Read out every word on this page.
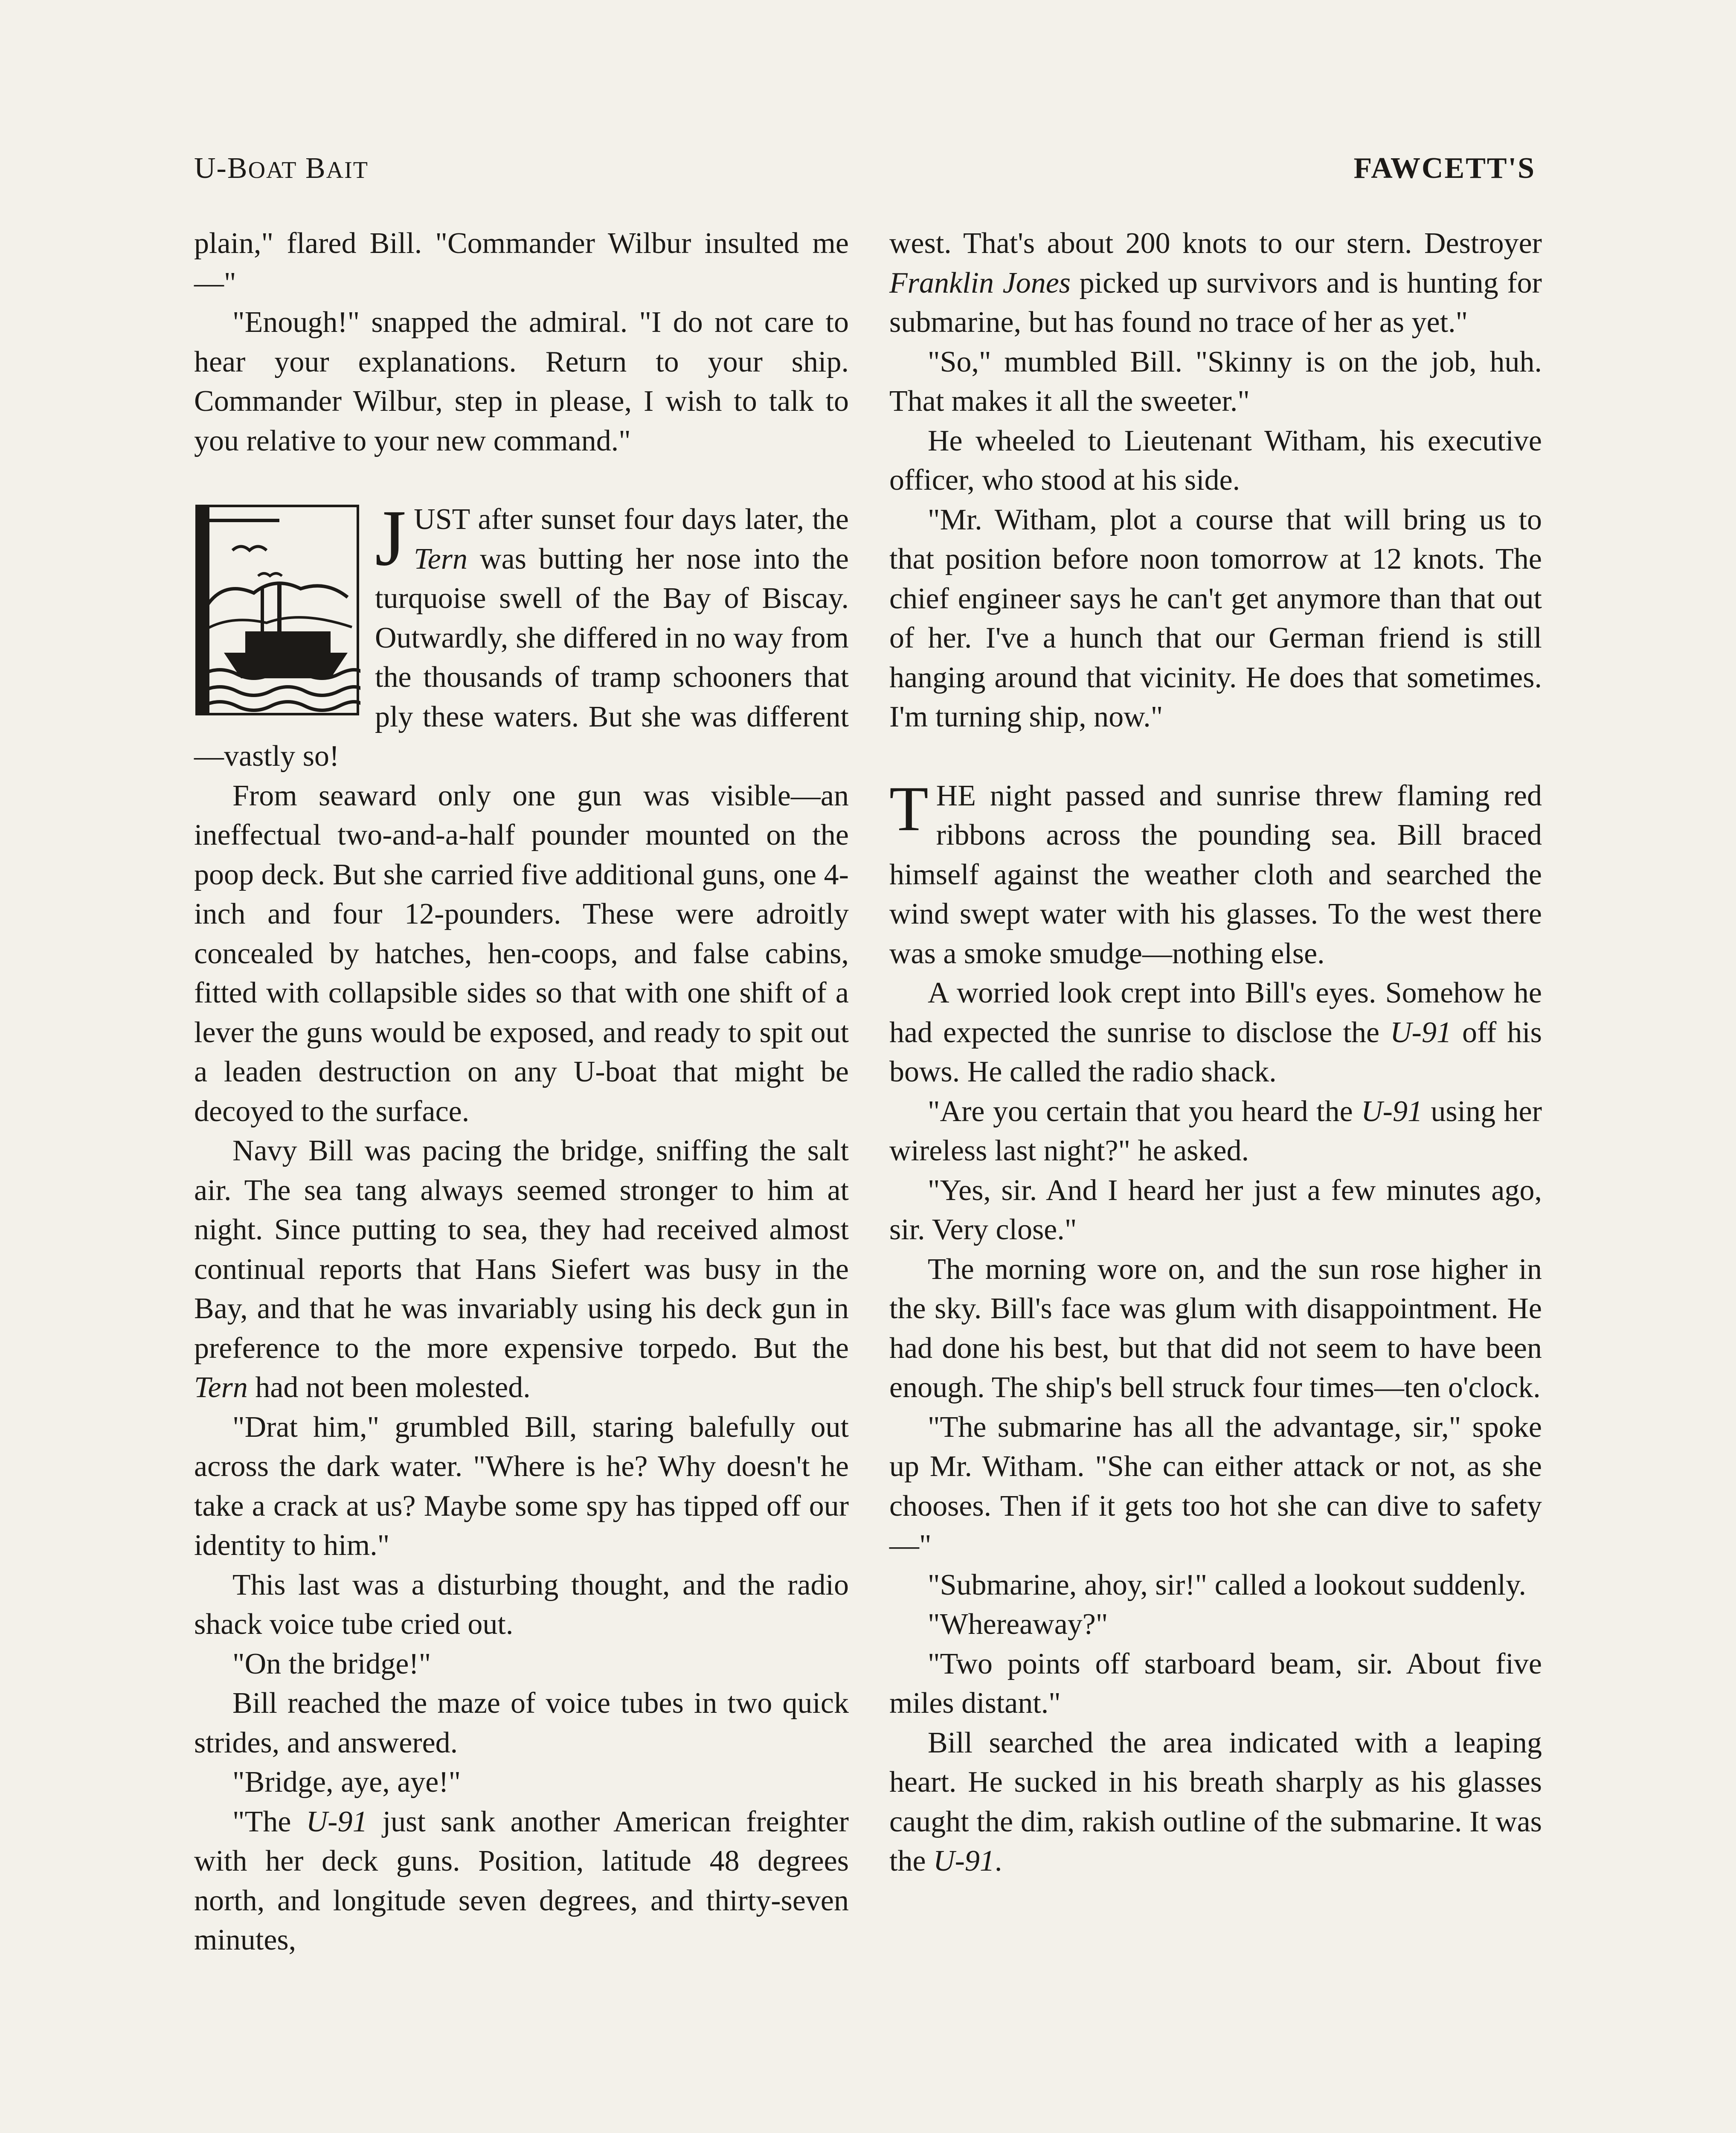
U-BOAT BAIT	FAWCETT'S

plain," flared Bill. "Commander Wilbur insulted me—"

"Enough!" snapped the admiral. "I do not care to hear your explanations. Return to your ship. Commander Wilbur, step in please, I wish to talk to you relative to your new command."

JUST after sunset four days later, the Tern was butting her nose into the turquoise swell of the Bay of Biscay. Outwardly, she differed in no way from the thousands of tramp schooners that ply these waters. But she was different—vastly so!

From seaward only one gun was visible—an ineffectual two-and-a-half pounder mounted on the poop deck. But she carried five additional guns, one 4-inch and four 12-pounders. These were adroitly concealed by hatches, hen-coops, and false cabins, fitted with collapsible sides so that with one shift of a lever the guns would be exposed, and ready to spit out a leaden destruction on any U-boat that might be decoyed to the surface.

Navy Bill was pacing the bridge, sniffing the salt air. The sea tang always seemed stronger to him at night. Since putting to sea, they had received almost continual reports that Hans Siefert was busy in the Bay, and that he was invariably using his deck gun in preference to the more expensive torpedo. But the Tern had not been molested.

"Drat him," grumbled Bill, staring balefully out across the dark water. "Where is he? Why doesn't he take a crack at us? Maybe some spy has tipped off our identity to him."

This last was a disturbing thought, and the radio shack voice tube cried out.

"On the bridge!"

Bill reached the maze of voice tubes in two quick strides, and answered.

"Bridge, aye, aye!"

"The U-91 just sank another American freighter with her deck guns. Position, latitude 48 degrees north, and longitude seven degrees, and thirty-seven minutes,

west. That's about 200 knots to our stern. Destroyer Franklin Jones picked up survivors and is hunting for submarine, but has found no trace of her as yet."

"So," mumbled Bill. "Skinny is on the job, huh. That makes it all the sweeter."

He wheeled to Lieutenant Witham, his executive officer, who stood at his side.

"Mr. Witham, plot a course that will bring us to that position before noon tomorrow at 12 knots. The chief engineer says he can't get anymore than that out of her. I've a hunch that our German friend is still hanging around that vicinity. He does that sometimes. I'm turning ship, now."

THE night passed and sunrise threw flaming red ribbons across the pounding sea. Bill braced himself against the weather cloth and searched the wind swept water with his glasses. To the west there was a smoke smudge—nothing else.

A worried look crept into Bill's eyes. Somehow he had expected the sunrise to disclose the U-91 off his bows. He called the radio shack.

"Are you certain that you heard the U-91 using her wireless last night?" he asked.

"Yes, sir. And I heard her just a few minutes ago, sir. Very close."

The morning wore on, and the sun rose higher in the sky. Bill's face was glum with disappointment. He had done his best, but that did not seem to have been enough. The ship's bell struck four times—ten o'clock.

"The submarine has all the advantage, sir," spoke up Mr. Witham. "She can either attack or not, as she chooses. Then if it gets too hot she can dive to safety—"

"Submarine, ahoy, sir!" called a lookout suddenly.

"Whereaway?"

"Two points off starboard beam, sir. About five miles distant."

Bill searched the area indicated with a leaping heart. He sucked in his breath sharply as his glasses caught the dim, rakish outline of the submarine. It was the U-91.
